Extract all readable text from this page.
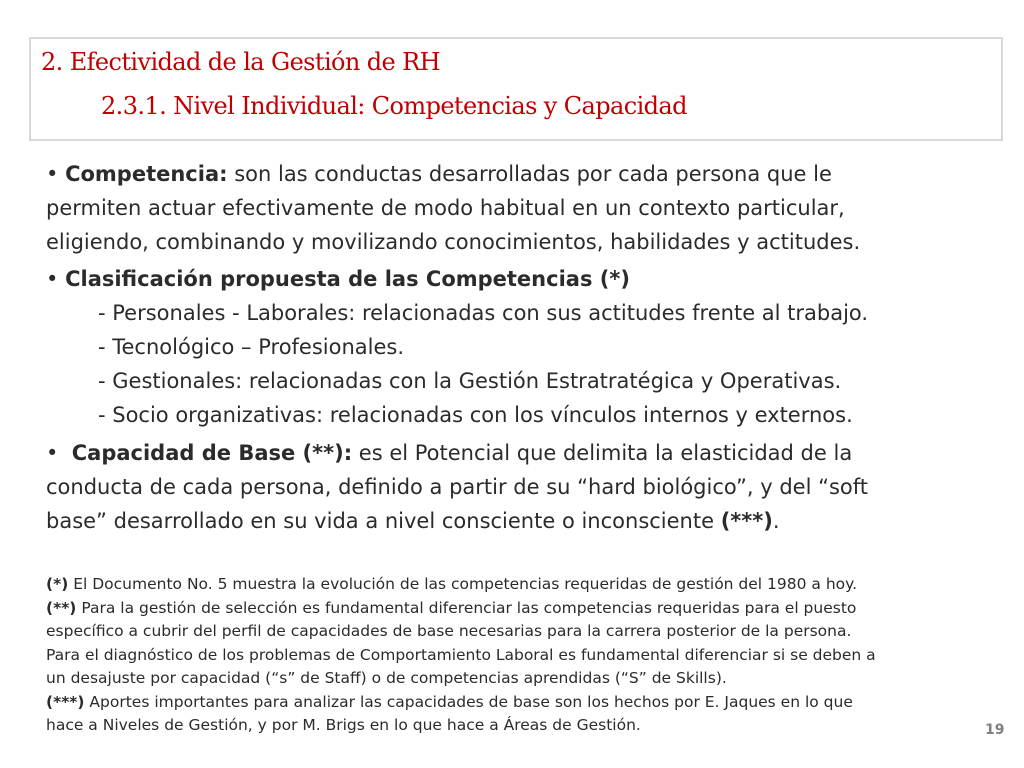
2. Efectividad de la Gestión de RH
2.3.1. Nivel Individual: Competencias y Capacidad
• Competencia: son las conductas desarrolladas por cada persona que le
permiten actuar efectivamente de modo habitual en un contexto particular,
eligiendo, combinando y movilizando conocimientos, habilidades y actitudes.
• Clasificación propuesta de las Competencias (*)
- Personales - Laborales: relacionadas con sus actitudes frente al trabajo.
- Tecnológico – Profesionales.
- Gestionales: relacionadas con la Gestión Estratratégica y Operativas.
- Socio organizativas: relacionadas con los vínculos internos y externos.
• Capacidad de Base (**): es el Potencial que delimita la elasticidad de la
conducta de cada persona, definido a partir de su “hard biológico”, y del “soft
base” desarrollado en su vida a nivel consciente o inconsciente (***).
(*) El Documento No. 5 muestra la evolución de las competencias requeridas de gestión del 1980 a hoy.
(**) Para la gestión de selección es fundamental diferenciar las competencias requeridas para el puesto
específico a cubrir del perfil de capacidades de base necesarias para la carrera posterior de la persona.
Para el diagnóstico de los problemas de Comportamiento Laboral es fundamental diferenciar si se deben a
un desajuste por capacidad (“s” de Staff) o de competencias aprendidas (“S” de Skills).
(***) Aportes importantes para analizar las capacidades de base son los hechos por E. Jaques en lo que
hace a Niveles de Gestión, y por M. Brigs en lo que hace a Áreas de Gestión.	19
